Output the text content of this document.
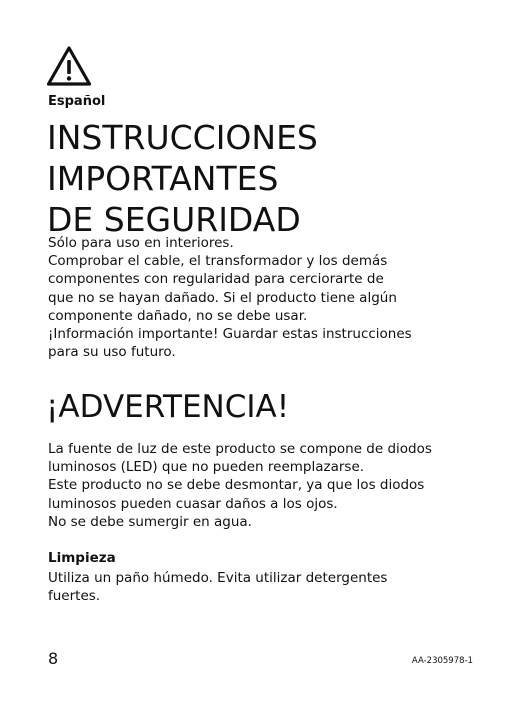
Español
INSTRUCCIONES
IMPORTANTES
DE SEGURIDAD

Sólo para uso en interiores.
Comprobar el cable, el transformador y los demás
componentes con regularidad para cerciorarte de
que no se hayan dañado. Si el producto tiene algún
componente dañado, no se debe usar.
¡Información importante! Guardar estas instrucciones
para su uso futuro.

¡ADVERTENCIA!

La fuente de luz de este producto se compone de diodos
luminosos (LED) que no pueden reemplazarse.
Este producto no se debe desmontar, ya que los diodos
luminosos pueden cuasar daños a los ojos.
No se debe sumergir en agua.

Limpieza

Utiliza un paño húmedo. Evita utilizar detergentes
fuertes.

8	AA-2305978-1
